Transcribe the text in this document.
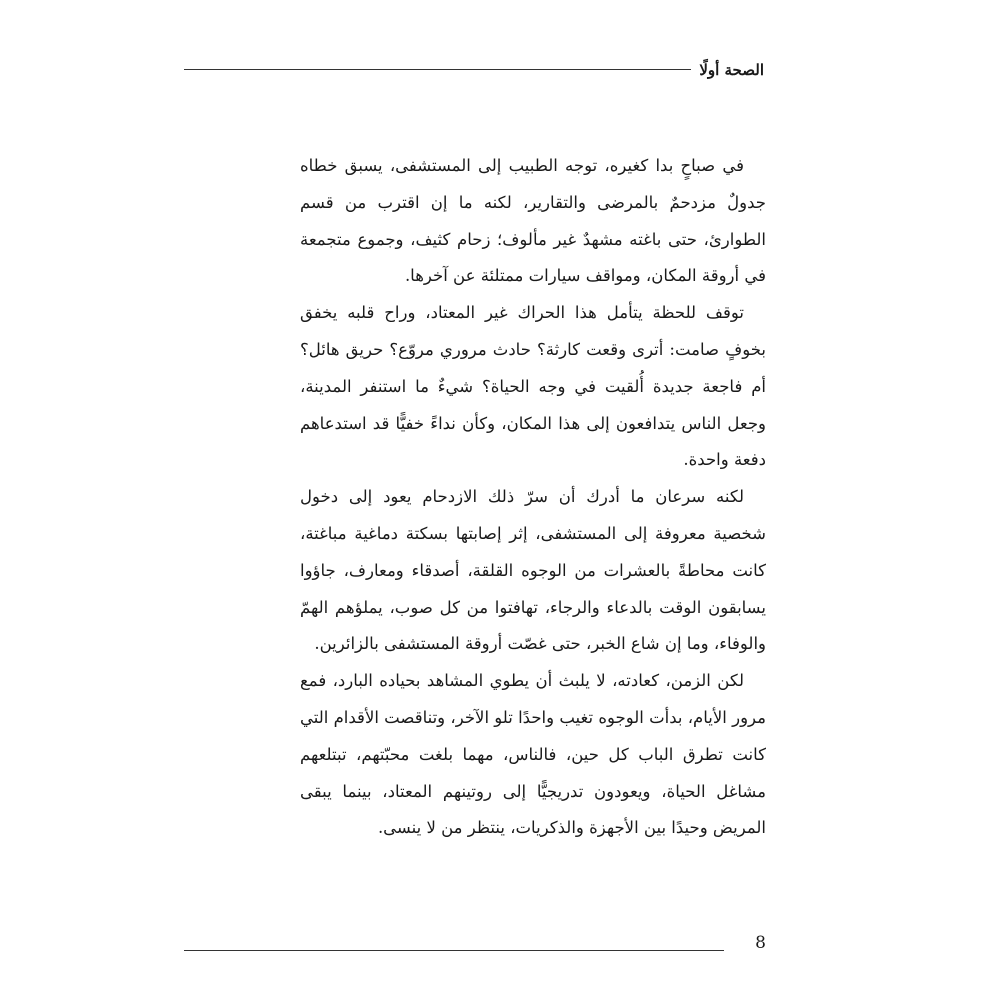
الصحة أولًا

في صباحٍ بدا كغيره، توجه الطبيب إلى المستشفى، يسبق خطاه جدولٌ مزدحمٌ بالمرضى والتقارير، لكنه ما إن اقترب من قسم الطوارئ، حتى باغته مشهدٌ غير مألوف؛ زحام كثيف، وجموع متجمعة في أروقة المكان، ومواقف سيارات ممتلئة عن آخرها.

توقف للحظة يتأمل هذا الحراك غير المعتاد، وراح قلبه يخفق بخوفٍ صامت: أترى وقعت كارثة؟ حادث مروري مروّع؟ حريق هائل؟ أم فاجعة جديدة أُلقيت في وجه الحياة؟ شيءٌ ما استنفر المدينة، وجعل الناس يتدافعون إلى هذا المكان، وكأن نداءً خفيًّا قد استدعاهم دفعة واحدة.

لكنه سرعان ما أدرك أن سرّ ذلك الازدحام يعود إلى دخول شخصية معروفة إلى المستشفى، إثر إصابتها بسكتة دماغية مباغتة، كانت محاطةً بالعشرات من الوجوه القلقة، أصدقاء ومعارف، جاؤوا يسابقون الوقت بالدعاء والرجاء، تهافتوا من كل صوب، يملؤهم الهمّ والوفاء، وما إن شاع الخبر، حتى غصّت أروقة المستشفى بالزائرين.

لكن الزمن، كعادته، لا يلبث أن يطوي المشاهد بحياده البارد، فمع مرور الأيام، بدأت الوجوه تغيب واحدًا تلو الآخر، وتناقصت الأقدام التي كانت تطرق الباب كل حين، فالناس، مهما بلغت محبّتهم، تبتلعهم مشاغل الحياة، ويعودون تدريجيًّا إلى روتينهم المعتاد، بينما يبقى المريض وحيدًا بين الأجهزة والذكريات، ينتظر من لا ينسى.

8
